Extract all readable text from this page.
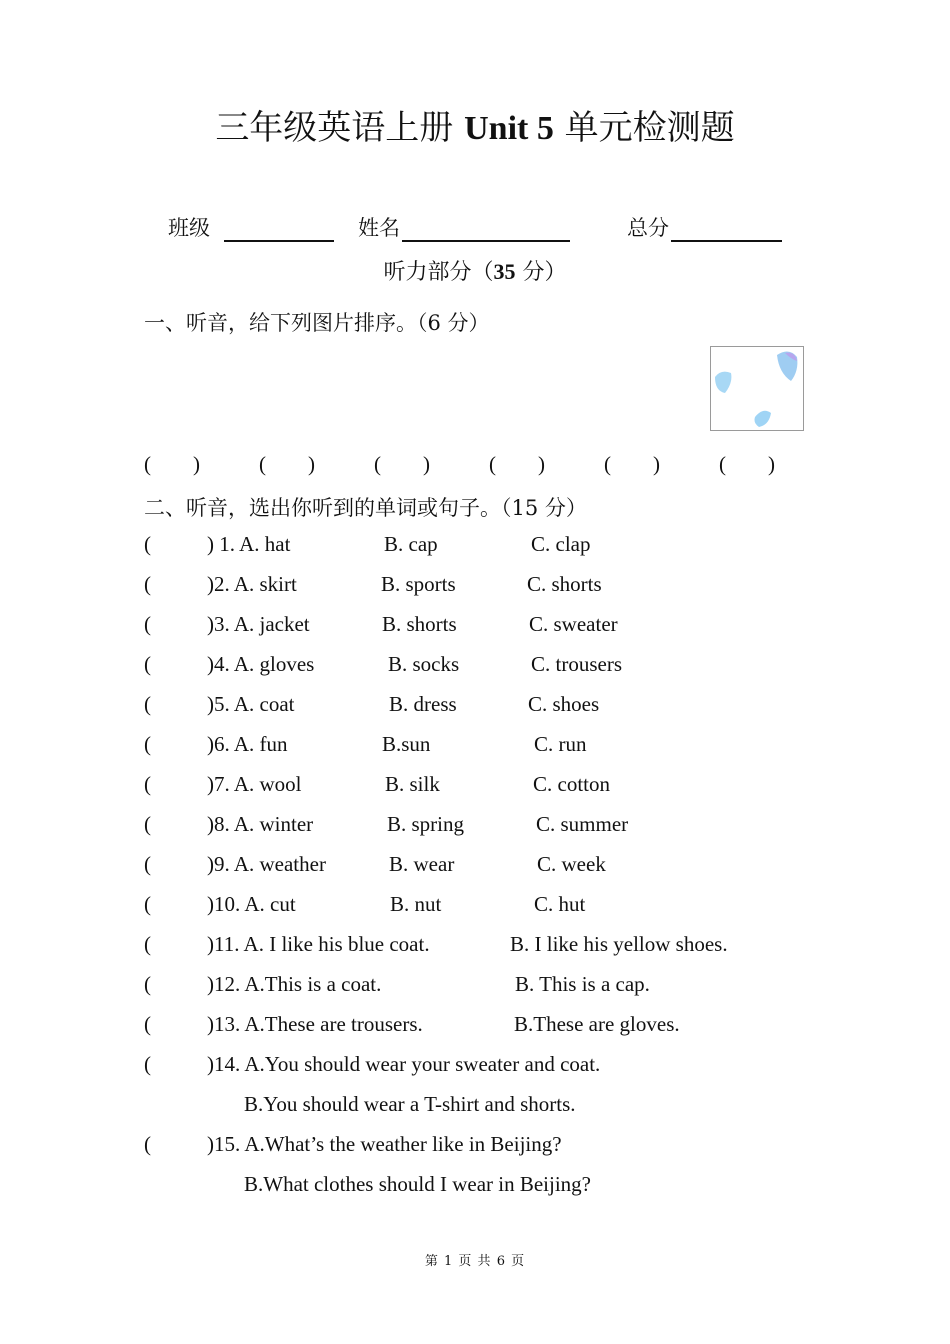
三年级英语上册 Unit 5 单元检测题
班级	姓名	总分
听力部分（35 分）
一、听音，给下列图片排序。（6 分）
(        )	(        )	(        )	(        )	(        )	(        )
二、听音，选出你听到的单词或句子。（15 分）
(	) 1. A. hat	B. cap	C. clap
(	)2. A. skirt	B. sports	C. shorts
(	)3. A. jacket	B. shorts	C. sweater
(	)4. A. gloves	B. socks	C. trousers
(	)5. A. coat	B. dress	C. shoes
(	)6. A. fun	B.sun	C. run
(	)7. A. wool	B. silk	C. cotton
(	)8. A. winter	B. spring	C. summer
(	)9. A. weather	B. wear	C. week
(	)10. A. cut	B. nut	C. hut
(	)11. A. I like his blue coat.	B. I like his yellow shoes.
(	)12. A.This is a coat.	B. This is a cap.
(	)13. A.These are trousers.	B.These are gloves.
(	)14. A.You should wear your sweater and coat.
B.You should wear a T-shirt and shorts.
(	)15. A.What’s the weather like in Beijing?
B.What clothes should I wear in Beijing?
第 1 页 共 6 页
